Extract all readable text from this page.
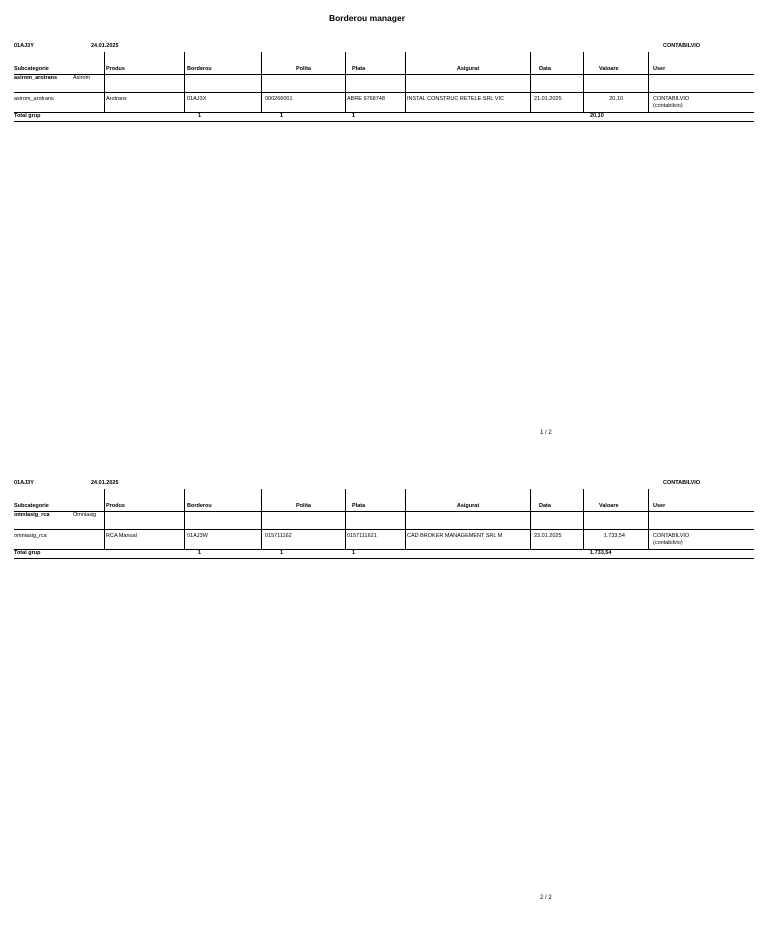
Borderou manager
01AJ3Y	24.01.2025	CONTABILVIO
Subcategorie	Produs	Borderou	Polita	Plata	Asigurat	Data	Valoare	User
asirom_arotrans	Asirom
asirom_arotrans	Arotrans	01AJ3X	000266001	ABRE 9768748	INSTAL CONSTRUC RETELE SRL VIC	21.01.2025	20,10	CONTABILVIO
(contabilvio)
Total grup	1	1	1	20,10
1 / 2
01AJ3Y	24.01.2025	CONTABILVIO
Subcategorie	Produs	Borderou	Polita	Plata	Asigurat	Data	Valoare	User
omniasig_rca	Omniasig
omniasig_rca	RCA Manual	01AJ3W	015711162	0157111621	CAD BROKER MANAGEMENT SRL M	23.01.2025	1.733,54	CONTABILVIO
(contabilvio)
Total grup	1	1	1	1.733,54
2 / 2
